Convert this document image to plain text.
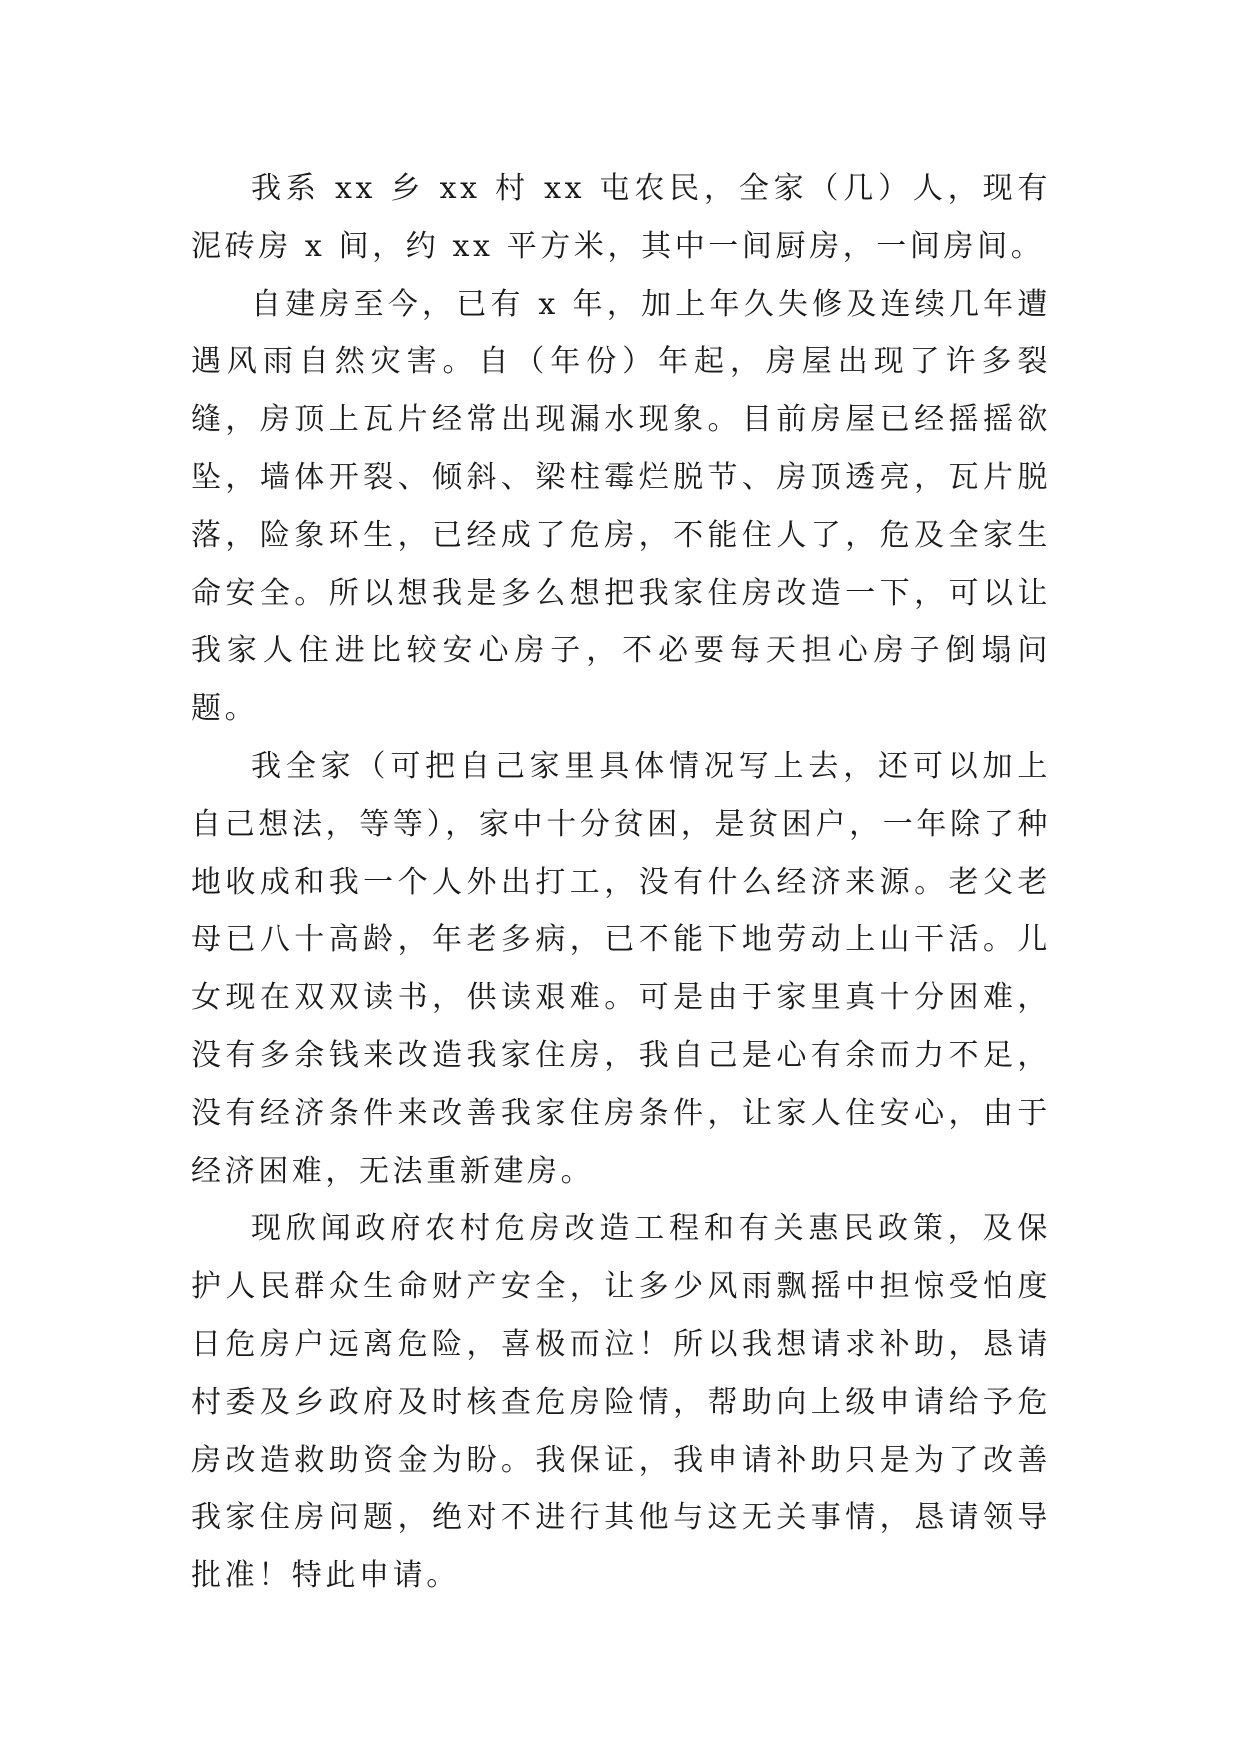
我系 xx 乡 xx 村 xx 屯农民，全家（几）人，现有泥砖房 x 间，约 xx 平方米，其中一间厨房，一间房间。

自建房至今，已有 x 年，加上年久失修及连续几年遭遇风雨自然灾害。自（年份）年起，房屋出现了许多裂缝，房顶上瓦片经常出现漏水现象。目前房屋已经摇摇欲坠，墙体开裂、倾斜、梁柱霉烂脱节、房顶透亮，瓦片脱落，险象环生，已经成了危房，不能住人了，危及全家生命安全。所以想我是多么想把我家住房改造一下，可以让我家人住进比较安心房子，不必要每天担心房子倒塌问题。

我全家（可把自己家里具体情况写上去，还可以加上自己想法，等等），家中十分贫困，是贫困户，一年除了种地收成和我一个人外出打工，没有什么经济来源。老父老母已八十高龄，年老多病，已不能下地劳动上山干活。儿女现在双双读书，供读艰难。可是由于家里真十分困难，没有多余钱来改造我家住房，我自己是心有余而力不足，没有经济条件来改善我家住房条件，让家人住安心，由于经济困难，无法重新建房。

现欣闻政府农村危房改造工程和有关惠民政策，及保护人民群众生命财产安全，让多少风雨飘摇中担惊受怕度日危房户远离危险，喜极而泣！所以我想请求补助，恳请村委及乡政府及时核查危房险情，帮助向上级申请给予危房改造救助资金为盼。我保证，我申请补助只是为了改善我家住房问题，绝对不进行其他与这无关事情，恳请领导批准！特此申请。
